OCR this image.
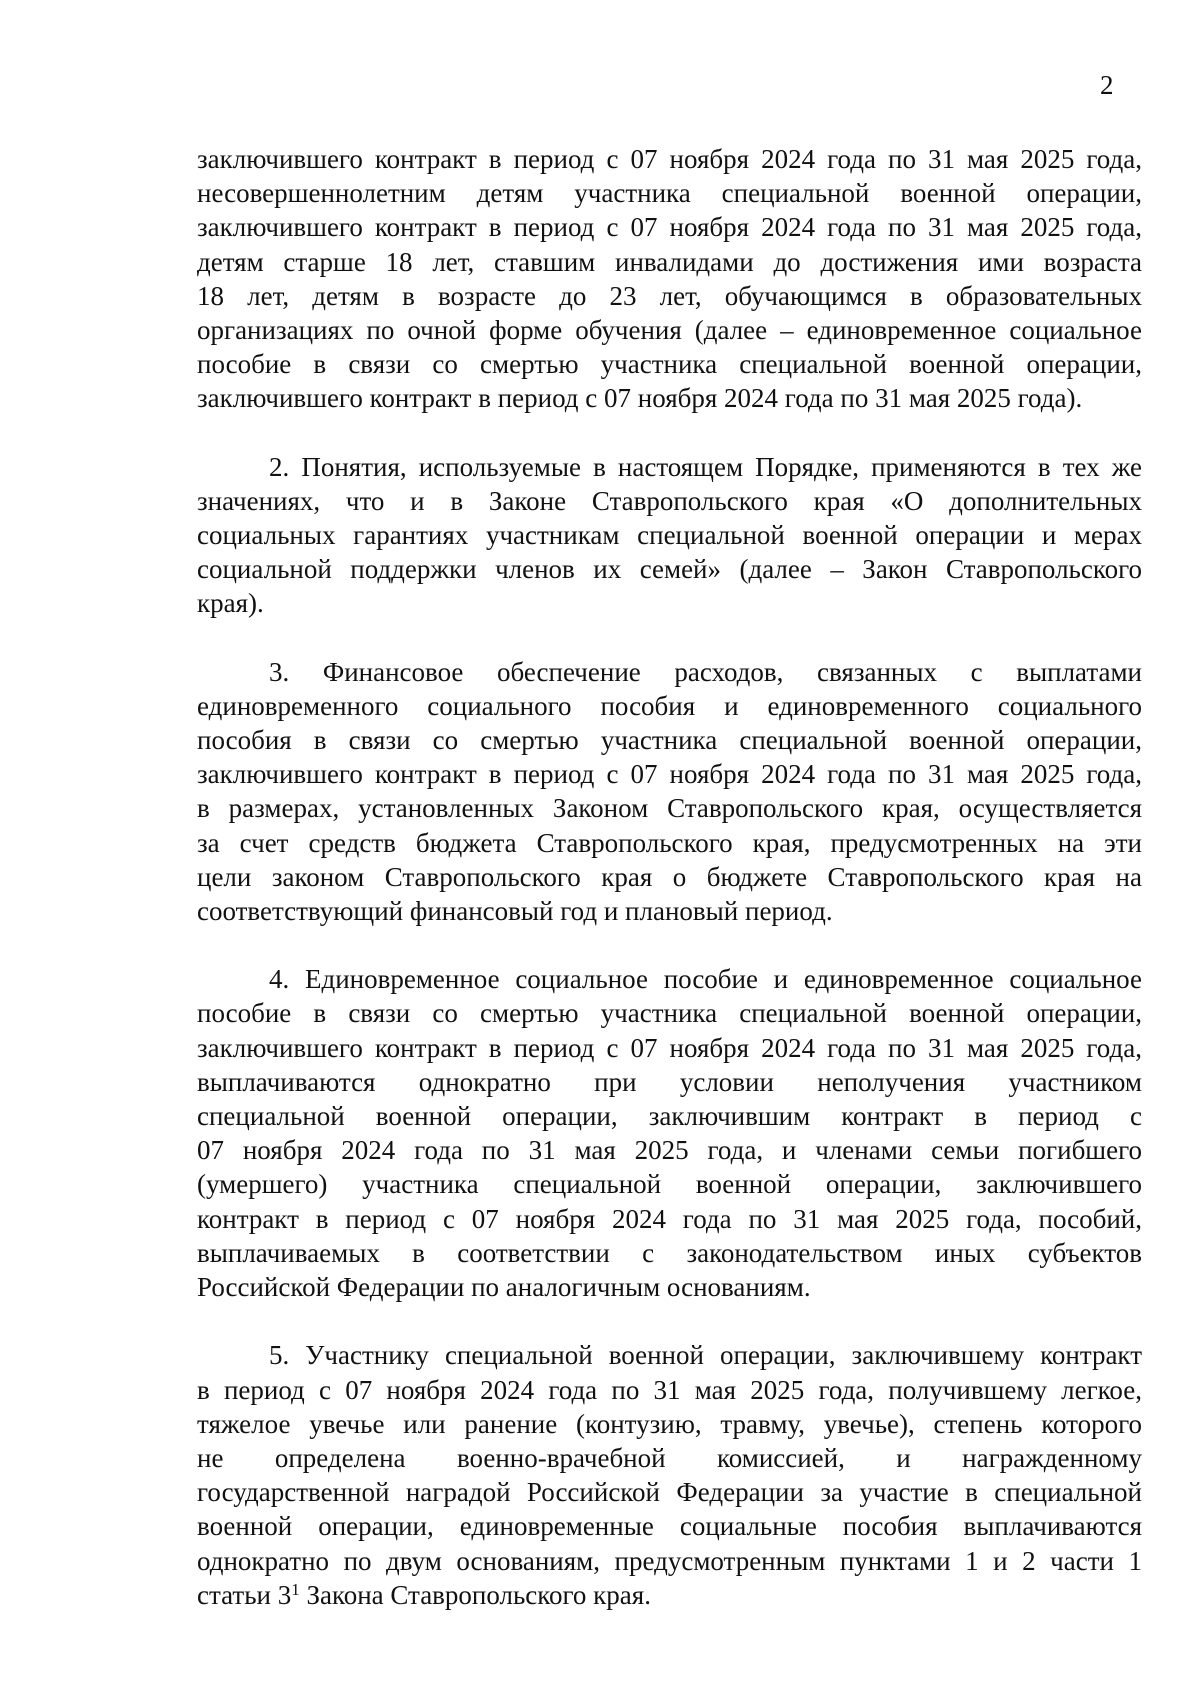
2
заключившего контракт в период с 07 ноября 2024 года по 31 мая 2025 года,
несовершеннолетним детям участника специальной военной операции,
заключившего контракт в период с 07 ноября 2024 года по 31 мая 2025 года,
детям старше 18 лет, ставшим инвалидами до достижения ими возраста
18 лет, детям в возрасте до 23 лет, обучающимся в образовательных
организациях по очной форме обучения (далее – единовременное социальное
пособие в связи со смертью участника специальной военной операции,
заключившего контракт в период с 07 ноября 2024 года по 31 мая 2025 года).
2. Понятия, используемые в настоящем Порядке, применяются в тех же
значениях, что и в Законе Ставропольского края «О дополнительных
социальных гарантиях участникам специальной военной операции и мерах
социальной поддержки членов их семей» (далее – Закон Ставропольского
края).
3. Финансовое обеспечение расходов, связанных с выплатами
единовременного социального пособия и единовременного социального
пособия в связи со смертью участника специальной военной операции,
заключившего контракт в период с 07 ноября 2024 года по 31 мая 2025 года,
в размерах, установленных Законом Ставропольского края, осуществляется
за счет средств бюджета Ставропольского края, предусмотренных на эти
цели законом Ставропольского края о бюджете Ставропольского края на
соответствующий финансовый год и плановый период.
4. Единовременное социальное пособие и единовременное социальное
пособие в связи со смертью участника специальной военной операции,
заключившего контракт в период с 07 ноября 2024 года по 31 мая 2025 года,
выплачиваются однократно при условии неполучения участником
специальной военной операции, заключившим контракт в период с
07 ноября 2024 года по 31 мая 2025 года, и членами семьи погибшего
(умершего) участника специальной военной операции, заключившего
контракт в период с 07 ноября 2024 года по 31 мая 2025 года, пособий,
выплачиваемых в соответствии с законодательством иных субъектов
Российской Федерации по аналогичным основаниям.
5. Участнику специальной военной операции, заключившему контракт
в период с 07 ноября 2024 года по 31 мая 2025 года, получившему легкое,
тяжелое увечье или ранение (контузию, травму, увечье), степень которого
не определена военно-врачебной комиссией, и награжденному
государственной наградой Российской Федерации за участие в специальной
военной операции, единовременные социальные пособия выплачиваются
однократно по двум основаниям, предусмотренным пунктами 1 и 2 части 1
статьи $3^1$ Закона Ставропольского края.
